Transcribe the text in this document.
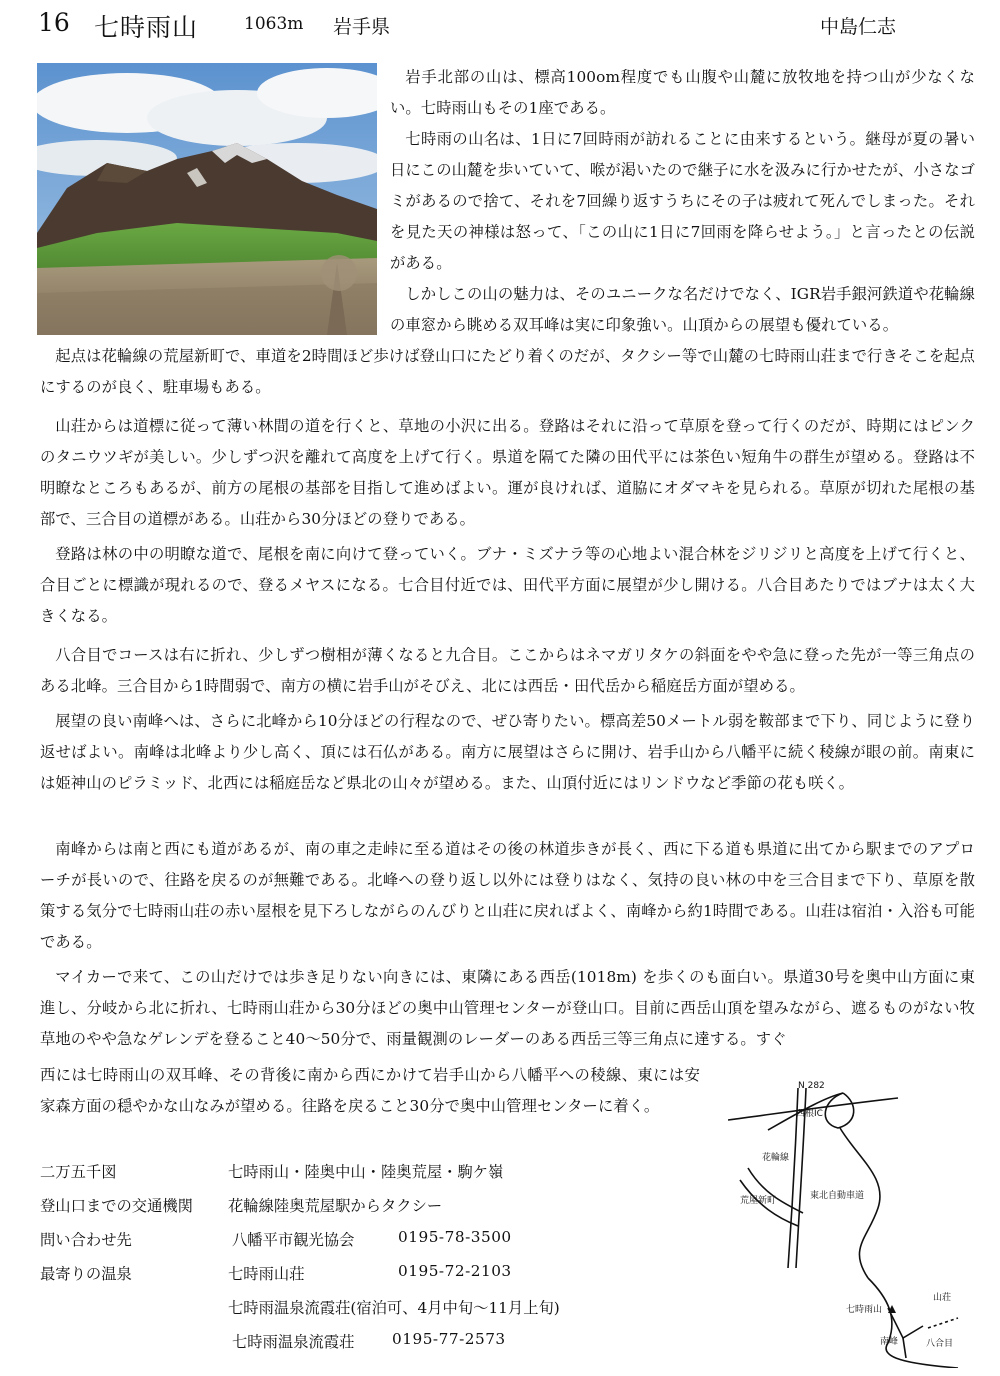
16 七時雨山	1063m 岩手県	中島仁志

岩手北部の山は、標高100om程度でも山腹や山麓に放牧地を持つ山が少なくない。七時雨山もその1座である。

七時雨の山名は、1日に7回時雨が訪れることに由来するという。継母が夏の暑い日にこの山麓を歩いていて、喉が渇いたので継子に水を汲みに行かせたが、小さなゴミがあるので捨て、それを7回繰り返すうちにその子は疲れて死んでしまった。それを見た天の神様は怒って、「この山に1日に7回雨を降らせよう。」と言ったとの伝説がある。

しかしこの山の魅力は、そのユニークな名だけでなく、IGR岩手銀河鉄道や花輪線の車窓から眺める双耳峰は実に印象強い。山頂からの展望も優れている。

起点は花輪線の荒屋新町で、車道を2時間ほど歩けば登山口にたどり着くのだが、タクシー等で山麓の七時雨山荘まで行きそこを起点にするのが良く、駐車場もある。

山荘からは道標に従って薄い林間の道を行くと、草地の小沢に出る。登路はそれに沿って草原を登って行くのだが、時期にはピンクのタニウツギが美しい。少しずつ沢を離れて高度を上げて行く。県道を隔てた隣の田代平には茶色い短角牛の群生が望める。登路は不明瞭なところもあるが、前方の尾根の基部を目指して進めばよい。運が良ければ、道脇にオダマキを見られる。草原が切れた尾根の基部で、三合目の道標がある。山荘から30分ほどの登りである。

登路は林の中の明瞭な道で、尾根を南に向けて登っていく。ブナ・ミズナラ等の心地よい混合林をジリジリと高度を上げて行くと、合目ごとに標識が現れるので、登るメヤスになる。七合目付近では、田代平方面に展望が少し開ける。八合目あたりではブナは太く大きくなる。

八合目でコースは右に折れ、少しずつ樹相が薄くなると九合目。ここからはネマガリタケの斜面をやや急に登った先が一等三角点のある北峰。三合目から1時間弱で、南方の横に岩手山がそびえ、北には西岳・田代岳から稲庭岳方面が望める。

展望の良い南峰へは、さらに北峰から10分ほどの行程なので、ぜひ寄りたい。標高差50メートル弱を鞍部まで下り、同じように登り返せばよい。南峰は北峰より少し高く、頂には石仏がある。南方に展望はさらに開け、岩手山から八幡平に続く稜線が眼の前。南東には姫神山のピラミッド、北西には稲庭岳など県北の山々が望める。また、山頂付近にはリンドウなど季節の花も咲く。

南峰からは南と西にも道があるが、南の車之走峠に至る道はその後の林道歩きが長く、西に下る道も県道に出てから駅までのアプローチが長いので、往路を戻るのが無難である。北峰への登り返し以外には登りはなく、気持の良い林の中を三合目まで下り、草原を散策する気分で七時雨山荘の赤い屋根を見下ろしながらのんびりと山荘に戻ればよく、南峰から約1時間である。山荘は宿泊・入浴も可能である。

マイカーで来て、この山だけでは歩き足りない向きには、東隣にある西岳(1018m) を歩くのも面白い。県道30号を奥中山方面に東進し、分岐から北に折れ、七時雨山荘から30分ほどの奥中山管理センターが登山口。目前に西岳山頂を望みながら、遮るものがない牧草地のやや急なゲレンデを登ること40～50分で、雨量観測のレーダーのある西岳三等三角点に達する。すぐ

西には七時雨山の双耳峰、その背後に南から西にかけて岩手山から八幡平への稜線、東には安家森方面の穏やかな山なみが望める。往路を戻ること30分で奥中山管理センターに着く。

二万五千図	七時雨山・陸奥中山・陸奥荒屋・駒ケ嶺
登山口までの交通機関 花輪線陸奥荒屋駅からタクシー
問い合わせ先	八幡平市観光協会	0195-78-3500
最寄りの温泉	七時雨山荘	0195-72-2103
七時雨温泉流霞荘(宿泊可、4月中旬～11月上旬)
七時雨温泉流霞荘 0195-77-2573
N 282
西根IC
花輪線
荒屋新町	東北自動車道
七時雨山
山荘
南峰	八合目
